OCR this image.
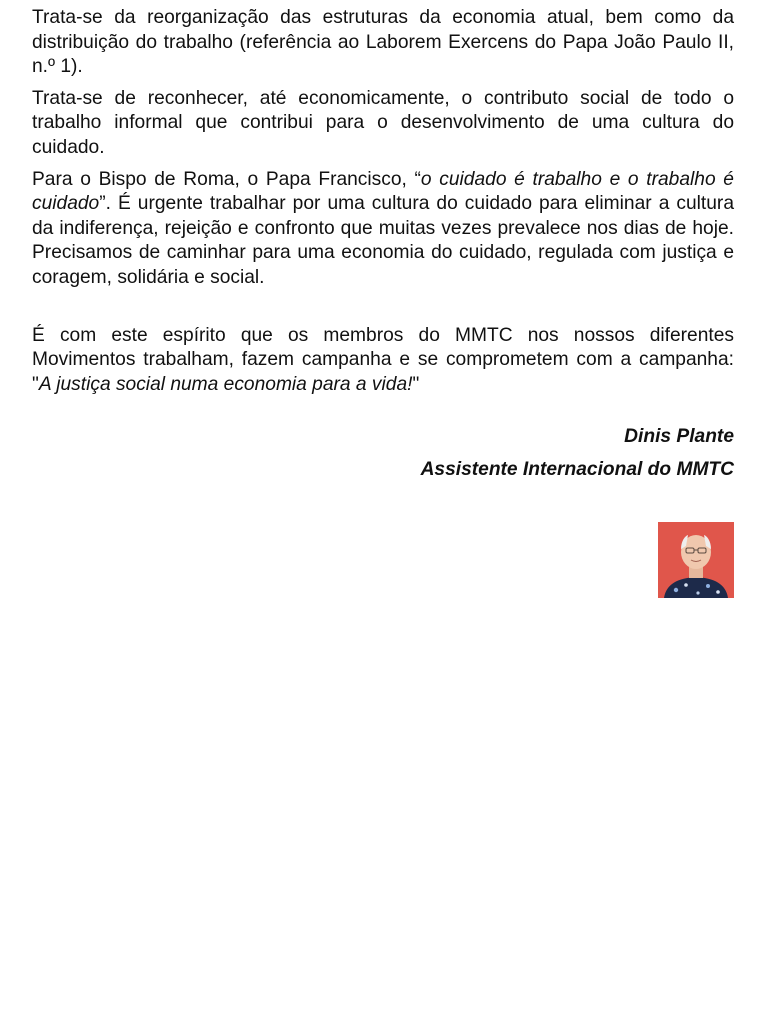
Trata-se da reorganização das estruturas da economia atual, bem como da distribuição do trabalho (referência ao Laborem Exercens do Papa João Paulo II, n.º 1).

Trata-se de reconhecer, até economicamente, o contributo social de todo o trabalho informal que contribui para o desenvolvimento de uma cultura do cuidado.

Para o Bispo de Roma, o Papa Francisco, “o cuidado é trabalho e o trabalho é cuidado”. É urgente trabalhar por uma cultura do cuidado para eliminar a cultura da indiferença, rejeição e confronto que muitas vezes prevalece nos dias de hoje. Precisamos de caminhar para uma economia do cuidado, regulada com justiça e coragem, solidária e social.

É com este espírito que os membros do MMTC nos nossos diferentes Movimentos trabalham, fazem campanha e se comprometem com a campanha: "A justiça social numa economia para a vida!"

Dinis Plante

Assistente Internacional do MMTC
